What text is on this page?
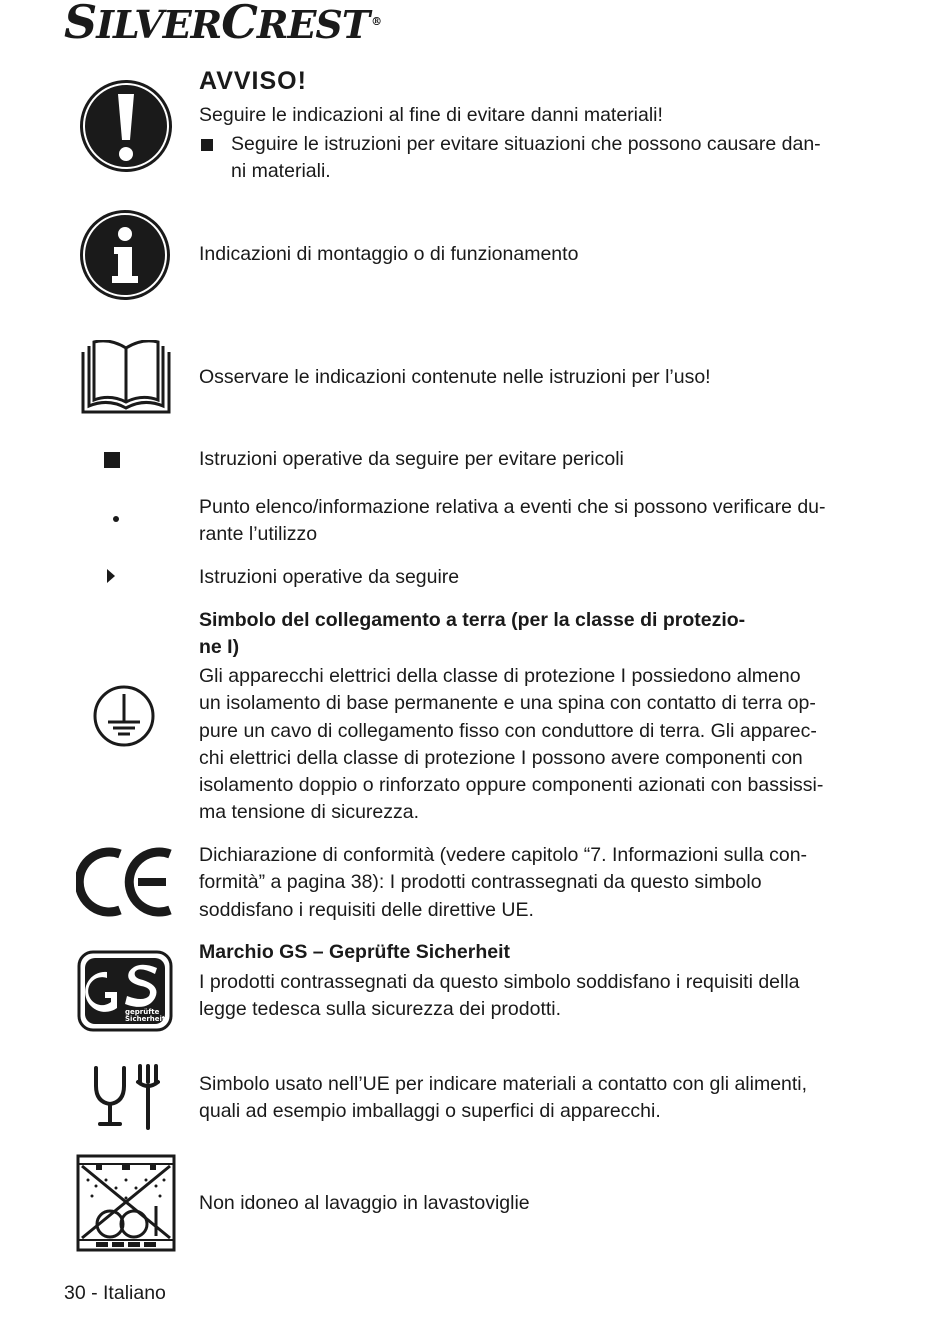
SILVERCREST ®
AVVISO!
Seguire le indicazioni al fine di evitare danni materiali!
Seguire le istruzioni per evitare situazioni che possono causare dan-
ni materiali.
Indicazioni di montaggio o di funzionamento
Osservare le indicazioni contenute nelle istruzioni per l’uso!
Istruzioni operative da seguire per evitare pericoli
Punto elenco/informazione relativa a eventi che si possono verificare du-
rante l’utilizzo
Istruzioni operative da seguire
Simbolo del collegamento a terra (per la classe di protezio-
ne I)
Gli apparecchi elettrici della classe di protezione I possiedono almeno
un isolamento di base permanente e una spina con contatto di terra op-
pure un cavo di collegamento fisso con conduttore di terra. Gli apparec-
chi elettrici della classe di protezione I possono avere componenti con
isolamento doppio o rinforzato oppure componenti azionati con bassissi-
ma tensione di sicurezza.
Dichiarazione di conformità (vedere capitolo “7. Informazioni sulla con-
formità” a pagina 38): I prodotti contrassegnati da questo simbolo
soddisfano i requisiti delle direttive UE.
Marchio GS – Geprüfte Sicherheit
geprüfte
Sicherheit
I prodotti contrassegnati da questo simbolo soddisfano i requisiti della
legge tedesca sulla sicurezza dei prodotti.
Simbolo usato nell’UE per indicare materiali a contatto con gli alimenti,
quali ad esempio imballaggi o superfici di apparecchi.
Non idoneo al lavaggio in lavastoviglie
30 - Italiano
